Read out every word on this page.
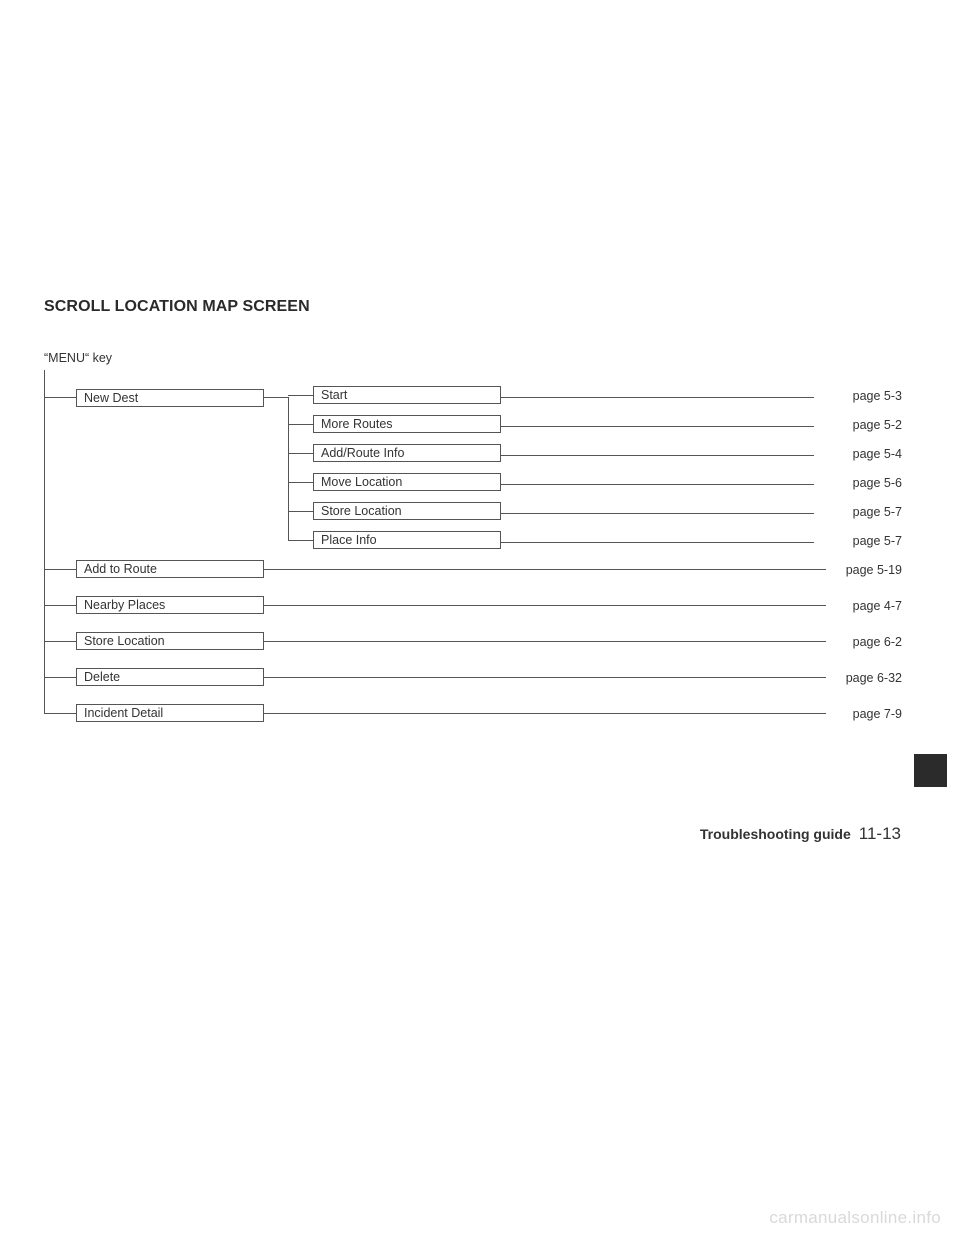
SCROLL LOCATION MAP SCREEN
“MENU“ key
New Dest	Start	page 5-3
More Routes	page 5-2
Add/Route Info	page 5-4
Move Location	page 5-6
Store Location	page 5-7
Place Info	page 5-7
Add to Route	page 5-19
Nearby Places	page 4-7
Store Location	page 6-2
Delete	page 6-32
Incident Detail	page 7-9
Troubleshooting guide 11-13
carmanualsonline.info
